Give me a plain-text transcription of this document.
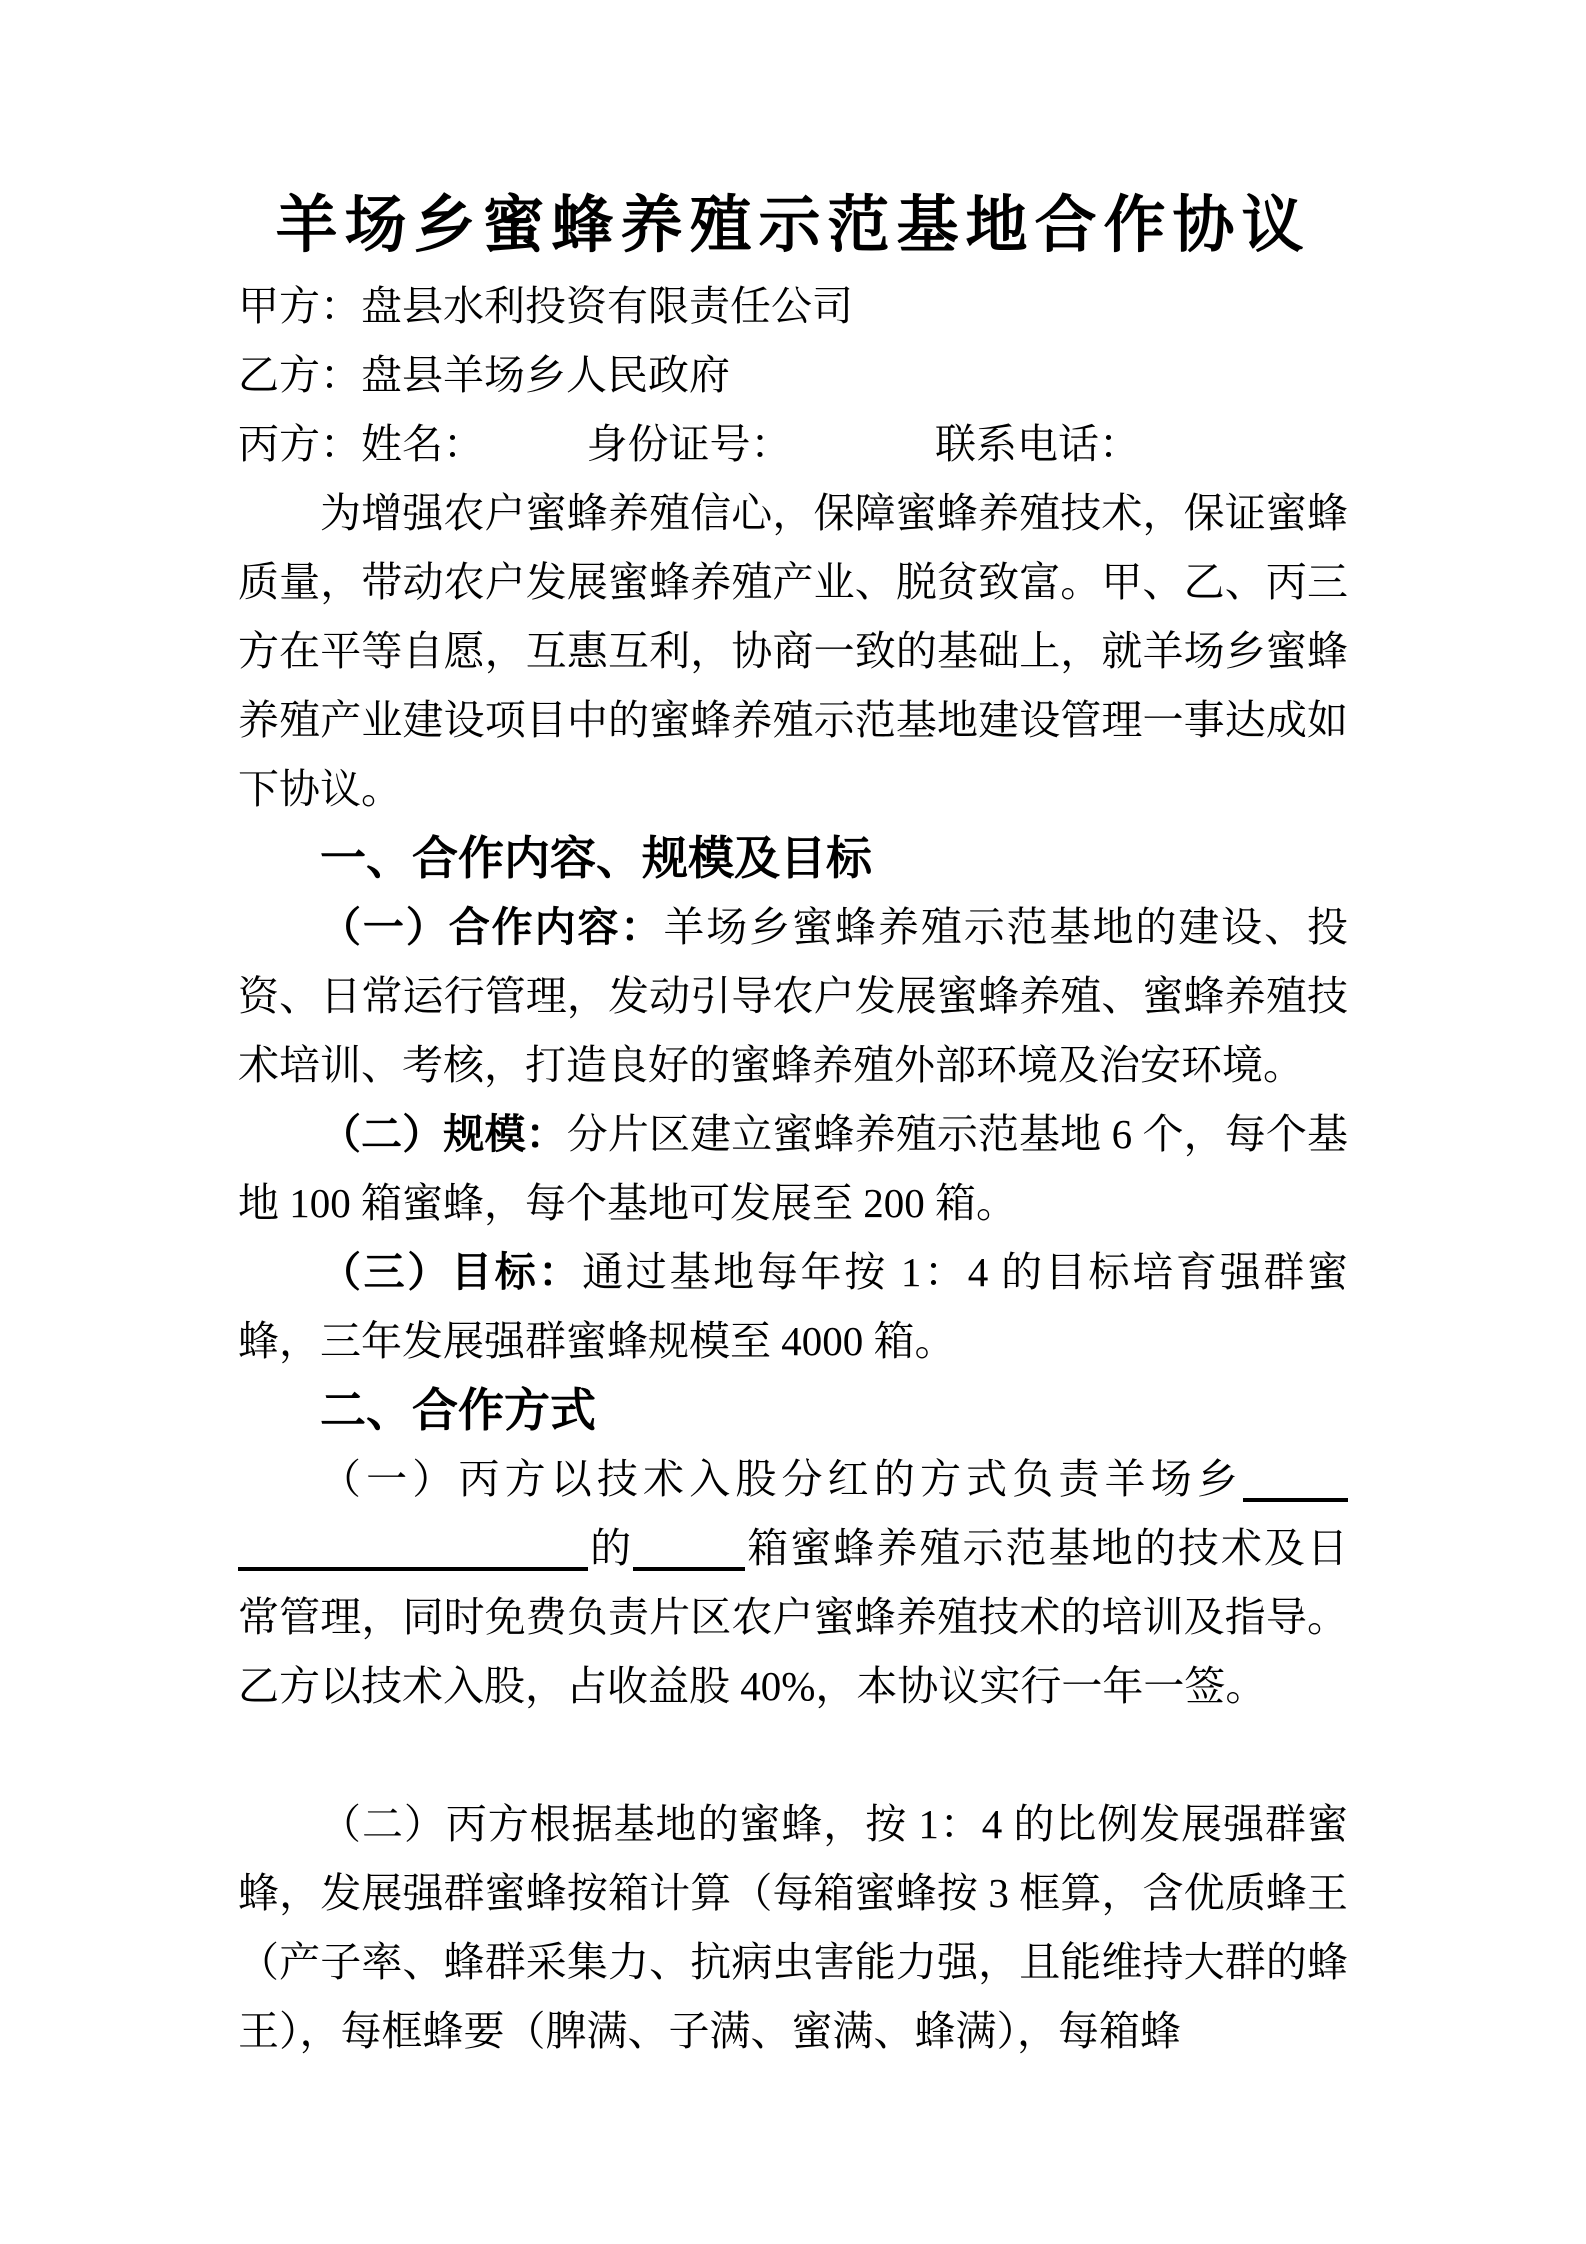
羊场乡蜜蜂养殖示范基地合作协议
甲方：盘县水利投资有限责任公司
乙方：盘县羊场乡人民政府
丙方：姓名：　　　身份证号：　　　　联系电话：

为增强农户蜜蜂养殖信心，保障蜜蜂养殖技术，保证蜜蜂质量，带动农户发展蜜蜂养殖产业、脱贫致富。甲、乙、丙三方在平等自愿，互惠互利，协商一致的基础上，就羊场乡蜜蜂养殖产业建设项目中的蜜蜂养殖示范基地建设管理一事达成如下协议。

一、合作内容、规模及目标

（一）合作内容：羊场乡蜜蜂养殖示范基地的建设、投资、日常运行管理，发动引导农户发展蜜蜂养殖、蜜蜂养殖技术培训、考核，打造良好的蜜蜂养殖外部环境及治安环境。

（二）规模：分片区建立蜜蜂养殖示范基地 6 个，每个基地 100 箱蜜蜂，每个基地可发展至 200 箱。

（三）目标：通过基地每年按 1：4 的目标培育强群蜜蜂，三年发展强群蜜蜂规模至 4000 箱。

二、合作方式

（一）丙方以技术入股分红的方式负责羊场乡的	箱蜜蜂养殖示范基地的技术及日常管理，同时免费负责片区农户蜜蜂养殖技术的培训及指导。乙方以技术入股，占收益股 40%，本协议实行一年一签。

（二）丙方根据基地的蜜蜂，按 1：4 的比例发展强群蜜蜂，发展强群蜜蜂按箱计算（每箱蜜蜂按 3 框算，含优质蜂王（产子率、蜂群采集力、抗病虫害能力强，且能维持大群的蜂王），每框蜂要（脾满、子满、蜜满、蜂满），每箱蜂
